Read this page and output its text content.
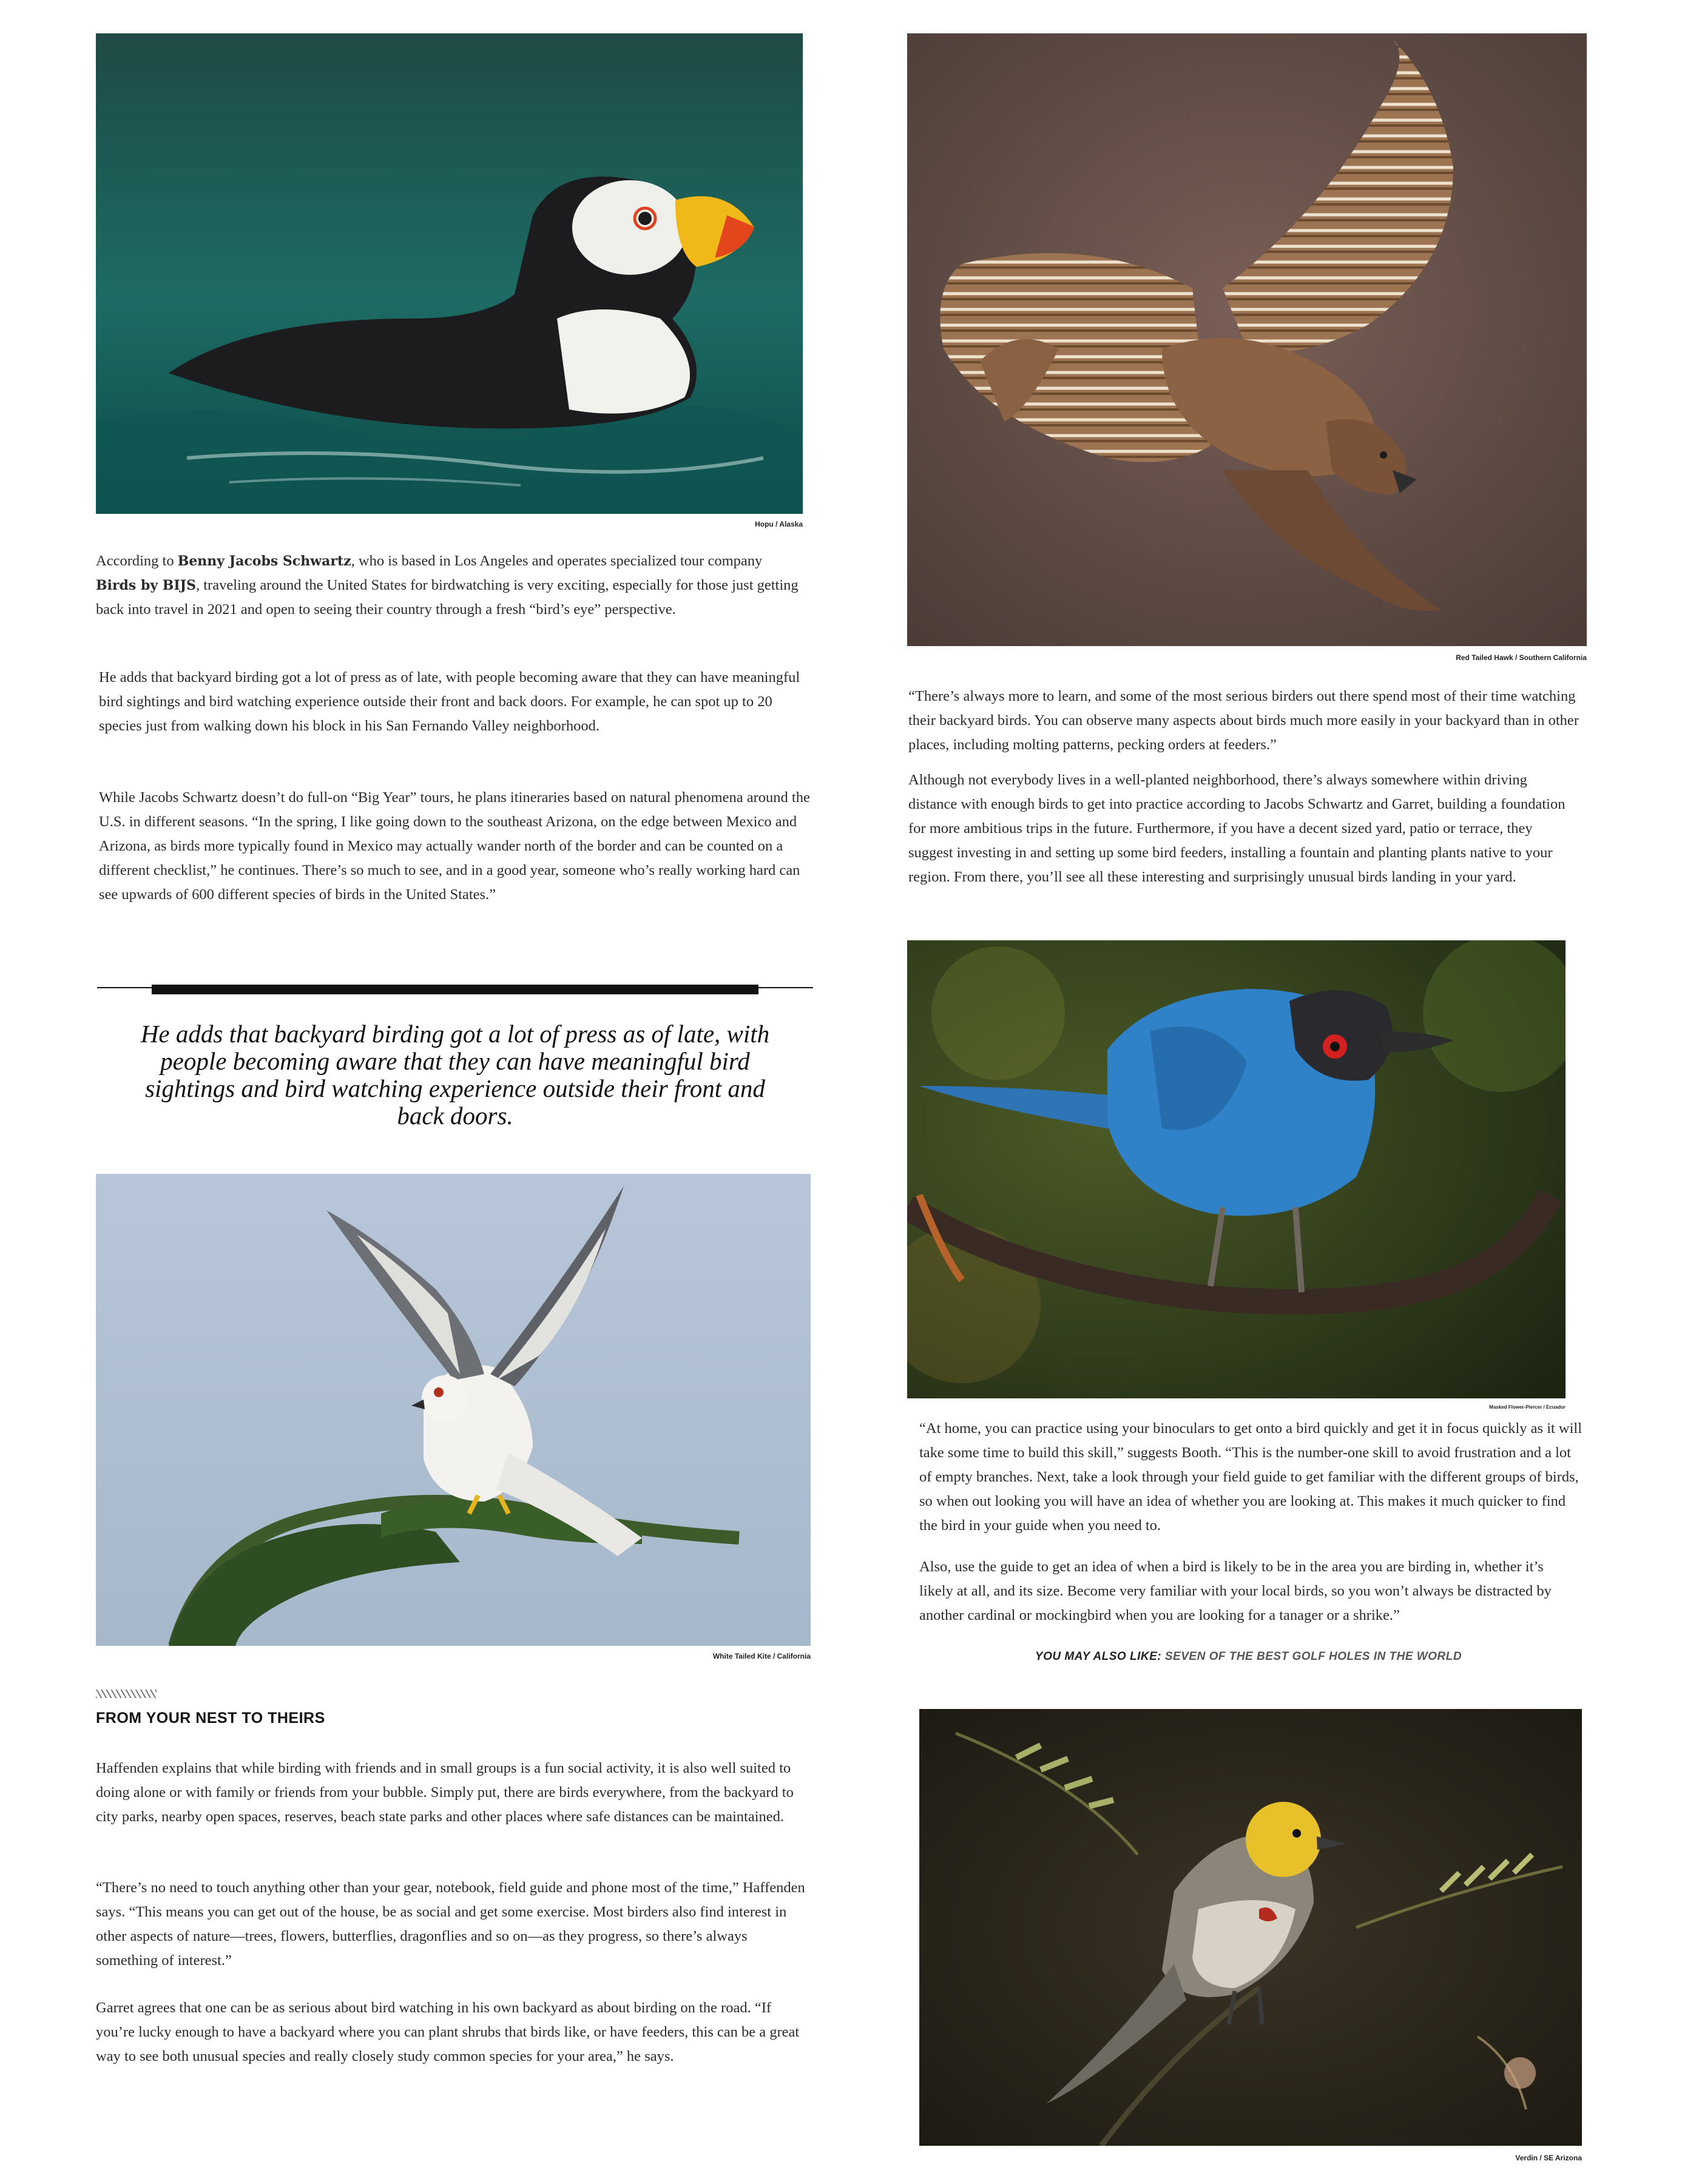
Hopu / Alaska

According to Benny Jacobs Schwartz, who is based in Los Angeles and operates specialized tour company Birds by BIJS, traveling around the United States for birdwatching is very exciting, especially for those just getting back into travel in 2021 and open to seeing their country through a fresh “bird’s eye” perspective.

He adds that backyard birding got a lot of press as of late, with people becoming aware that they can have meaningful bird sightings and bird watching experience outside their front and back doors. For example, he can spot up to 20 species just from walking down his block in his San Fernando Valley neighborhood.

While Jacobs Schwartz doesn’t do full-on “Big Year” tours, he plans itineraries based on natural phenomena around the U.S. in different seasons. “In the spring, I like going down to the southeast Arizona, on the edge between Mexico and Arizona, as birds more typically found in Mexico may actually wander north of the border and can be counted on a different checklist,” he continues. There’s so much to see, and in a good year, someone who’s really working hard can see upwards of 600 different species of birds in the United States.”

He adds that backyard birding got a lot of press as of late, with people becoming aware that they can have meaningful bird sightings and bird watching experience outside their front and back doors.

White Tailed Kite / California

FROM YOUR NEST TO THEIRS

Haffenden explains that while birding with friends and in small groups is a fun social activity, it is also well suited to doing alone or with family or friends from your bubble. Simply put, there are birds everywhere, from the backyard to city parks, nearby open spaces, reserves, beach state parks and other places where safe distances can be maintained.

“There’s no need to touch anything other than your gear, notebook, field guide and phone most of the time,” Haffenden says. “This means you can get out of the house, be as social and get some exercise. Most birders also find interest in other aspects of nature—trees, flowers, butterflies, dragonflies and so on—as they progress, so there’s always something of interest.”

Garret agrees that one can be as serious about bird watching in his own backyard as about birding on the road. “If you’re lucky enough to have a backyard where you can plant shrubs that birds like, or have feeders, this can be a great way to see both unusual species and really closely study common species for your area,” he says.

Red Tailed Hawk / Southern California

“There’s always more to learn, and some of the most serious birders out there spend most of their time watching their backyard birds. You can observe many aspects about birds much more easily in your backyard than in other places, including molting patterns, pecking orders at feeders.”

Although not everybody lives in a well-planted neighborhood, there’s always somewhere within driving distance with enough birds to get into practice according to Jacobs Schwartz and Garret, building a foundation for more ambitious trips in the future. Furthermore, if you have a decent sized yard, patio or terrace, they suggest investing in and setting up some bird feeders, installing a fountain and planting plants native to your region. From there, you’ll see all these interesting and surprisingly unusual birds landing in your yard.

Masked Flower-Piercer / Ecuador

“At home, you can practice using your binoculars to get onto a bird quickly and get it in focus quickly as it will take some time to build this skill,” suggests Booth. “This is the number-one skill to avoid frustration and a lot of empty branches. Next, take a look through your field guide to get familiar with the different groups of birds, so when out looking you will have an idea of whether you are looking at. This makes it much quicker to find the bird in your guide when you need to.

Also, use the guide to get an idea of when a bird is likely to be in the area you are birding in, whether it’s likely at all, and its size. Become very familiar with your local birds, so you won’t always be distracted by another cardinal or mockingbird when you are looking for a tanager or a shrike.”

YOU MAY ALSO LIKE: SEVEN OF THE BEST GOLF HOLES IN THE WORLD
Verdin / SE Arizona
